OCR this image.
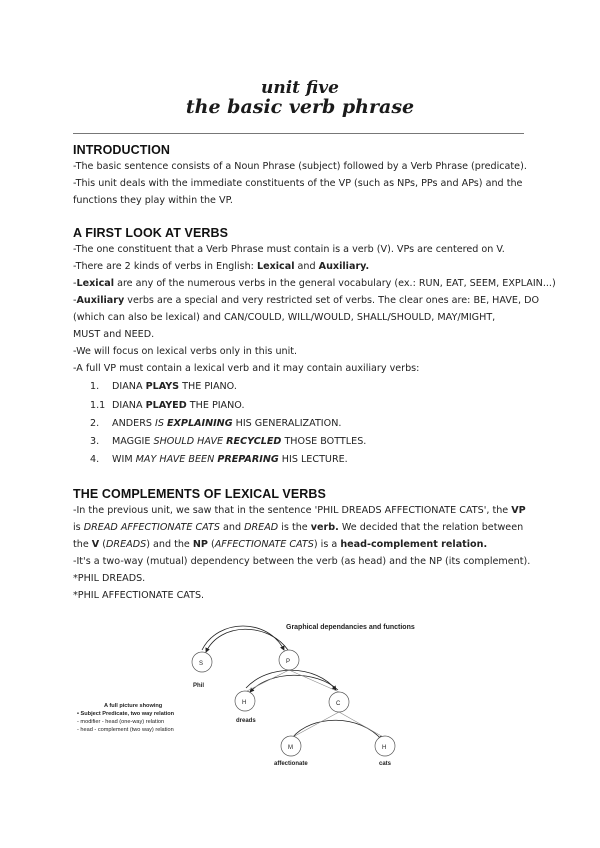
unit five
the basic verb phrase
INTRODUCTION
-The basic sentence consists of a Noun Phrase (subject) followed by a Verb Phrase (predicate).
-This unit deals with the immediate constituents of the VP (such as NPs, PPs and APs) and the
functions they play within the VP.
A FIRST LOOK AT VERBS
-The one constituent that a Verb Phrase must contain is a verb (V). VPs are centered on V.
-There are 2 kinds of verbs in English: Lexical and Auxiliary.
-Lexical are any of the numerous verbs in the general vocabulary (ex.: RUN, EAT, SEEM, EXPLAIN...)
-Auxiliary verbs are a special and very restricted set of verbs. The clear ones are: BE, HAVE, DO
(which can also be lexical) and CAN/COULD, WILL/WOULD, SHALL/SHOULD, MAY/MIGHT,
MUST and NEED.
-We will focus on lexical verbs only in this unit.
-A full VP must contain a lexical verb and it may contain auxiliary verbs:
1. DIANA PLAYS THE PIANO.
1.1 DIANA PLAYED THE PIANO.
2. ANDERS IS EXPLAINING HIS GENERALIZATION.
3. MAGGIE SHOULD HAVE RECYCLED THOSE BOTTLES.
4. WIM MAY HAVE BEEN PREPARING HIS LECTURE.
THE COMPLEMENTS OF LEXICAL VERBS
-In the previous unit, we saw that in the sentence 'PHIL DREADS AFFECTIONATE CATS', the VP
is DREAD AFFECTIONATE CATS and DREAD is the verb. We decided that the relation between
the V (DREADS) and the NP (AFFECTIONATE CATS) is a head-complement relation.
-It's a two-way (mutual) dependency between the verb (as head) and the NP (its complement).
*PHIL DREADS.
*PHIL AFFECTIONATE CATS.
Graphical dependancies and functions
S	P
H	C
M	H
Phil
dreads
affectionate	cats
A full picture showing
• Subject Predicate, two way relation
- modifier - head (one-way) relation
- head - complement (two way) relation
